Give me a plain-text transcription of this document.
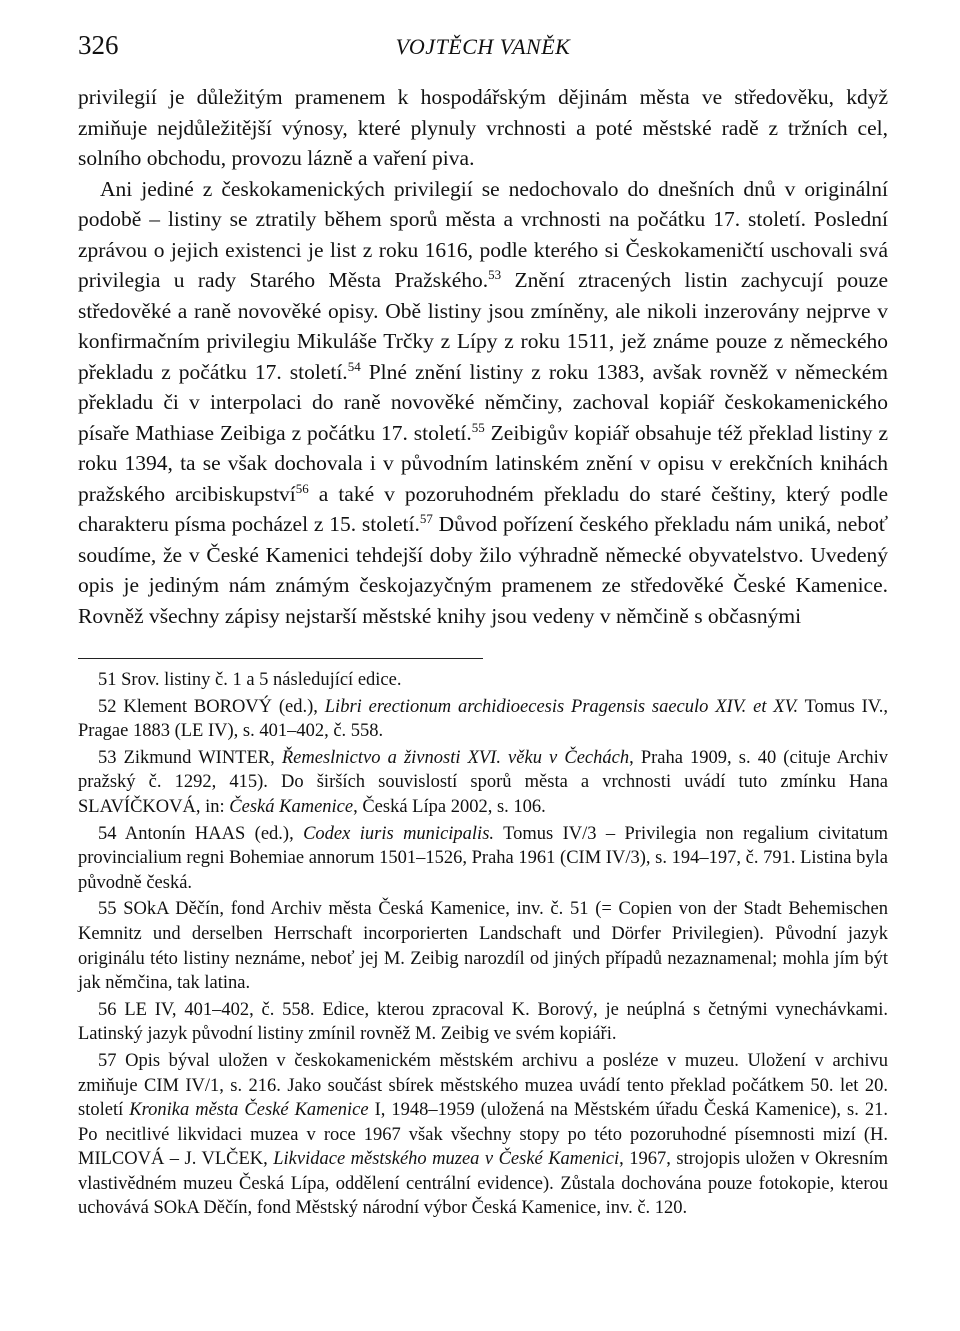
326	VOJTĚCH VANĚK

privilegií je důležitým pramenem k hospodářským dějinám města ve středověku, když zmiňuje nejdůležitější výnosy, které plynuly vrchnosti a poté městské radě z tržních cel, solního obchodu, provozu lázně a vaření piva.

Ani jediné z českokamenických privilegií se nedochovalo do dnešních dnů v originální podobě – listiny se ztratily během sporů města a vrchnosti na počátku 17. století. Poslední zprávou o jejich existenci je list z roku 1616, podle kterého si Českokameničtí uschovali svá privilegia u rady Starého Města Pražského.$^{53}$ Znění ztracených listin zachycují pouze středověké a raně novověké opisy. Obě listiny jsou zmíněny, ale nikoli inzerovány nejprve v konfirmačním privilegiu Mikuláše Trčky z Lípy z roku 1511, jež známe pouze z německého překladu z počátku 17. století.$^{54}$ Plné znění listiny z roku 1383, avšak rovněž v německém překladu či v interpolaci do raně novověké němčiny, zachoval kopiář českokamenického písaře Mathiase Zeibiga z počátku 17. století.$^{55}$ Zeibigův kopiář obsahuje též překlad listiny z roku 1394, ta se však dochovala i v původním latinském znění v opisu v erekčních knihách pražského arcibiskupství$^{56}$ a také v pozoruhodném překladu do staré češtiny, který podle charakteru písma pocházel z 15. století.$^{57}$ Důvod pořízení českého překladu nám uniká, neboť soudíme, že v České Kamenici tehdejší doby žilo výhradně německé obyvatelstvo. Uvedený opis je jediným nám známým českojazyčným pramenem ze středověké České Kamenice. Rovněž všechny zápisy nejstarší městské knihy jsou vedeny v němčině s občasnými

51 Srov. listiny č. 1 a 5 následující edice.

52 Klement BOROVÝ (ed.), Libri erectionum archidioecesis Pragensis saeculo XIV. et XV. Tomus IV., Pragae 1883 (LE IV), s. 401–402, č. 558.

53 Zikmund WINTER, Řemeslnictvo a živnosti XVI. věku v Čechách, Praha 1909, s. 40 (cituje Archiv pražský č. 1292, 415). Do širších souvislostí sporů města a vrchnosti uvádí tuto zmínku Hana SLAVÍČKOVÁ, in: Česká Kamenice, Česká Lípa 2002, s. 106.

54 Antonín HAAS (ed.), Codex iuris municipalis. Tomus IV/3 – Privilegia non regalium civitatum provincialium regni Bohemiae annorum 1501–1526, Praha 1961 (CIM IV/3), s. 194–197, č. 791. Listina byla původně česká.

55 SOkA Děčín, fond Archiv města Česká Kamenice, inv. č. 51 (= Copien von der Stadt Behemischen Kemnitz und derselben Herrschaft incorporierten Landschaft und Dörfer Privilegien). Původní jazyk originálu této listiny neznáme, neboť jej M. Zeibig narozdíl od jiných případů nezaznamenal; mohla jím být jak němčina, tak latina.

56 LE IV, 401–402, č. 558. Edice, kterou zpracoval K. Borový, je neúplná s četnými vynechávkami. Latinský jazyk původní listiny zmínil rovněž M. Zeibig ve svém kopiáři.

57 Opis býval uložen v českokamenickém městském archivu a posléze v muzeu. Uložení v archivu zmiňuje CIM IV/1, s. 216. Jako součást sbírek městského muzea uvádí tento překlad počátkem 50. let 20. století Kronika města České Kamenice I, 1948–1959 (uložená na Městském úřadu Česká Kamenice), s. 21. Po necitlivé likvidaci muzea v roce 1967 však všechny stopy po této pozoruhodné písemnosti mizí (H. MILCOVÁ – J. VLČEK, Likvidace městského muzea v České Kamenici, 1967, strojopis uložen v Okresním vlastivědném muzeu Česká Lípa, oddělení centrální evidence). Zůstala dochována pouze fotokopie, kterou uchovává SOkA Děčín, fond Městský národní výbor Česká Kamenice, inv. č. 120.
